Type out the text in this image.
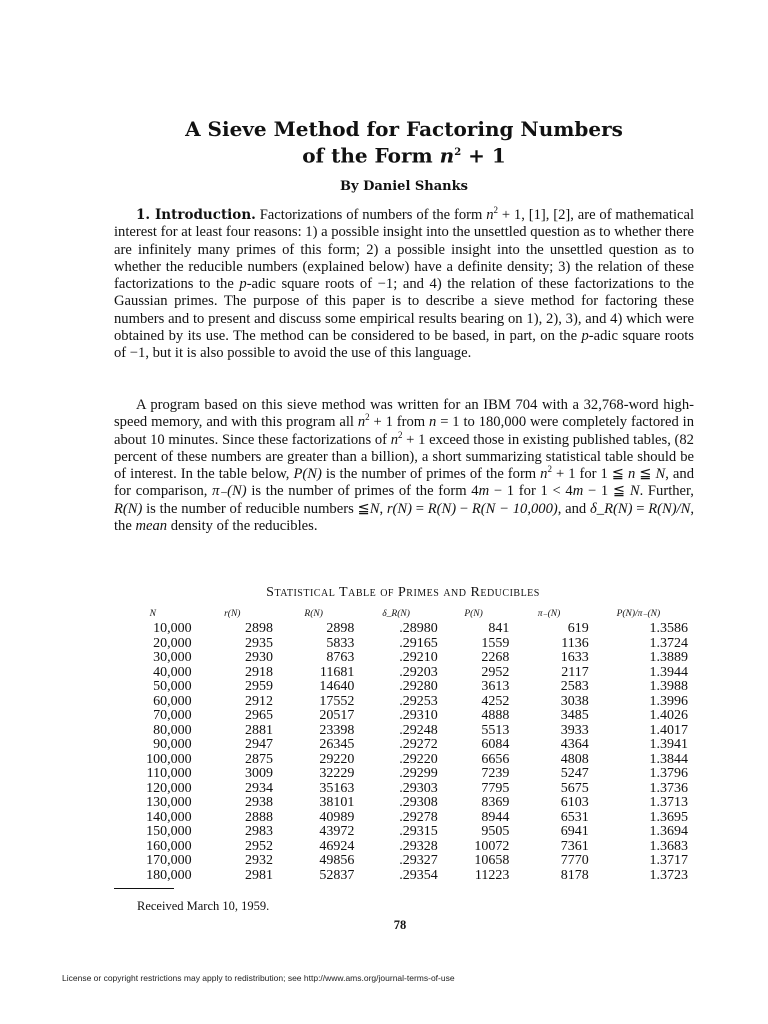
A Sieve Method for Factoring Numbers
of the Form $n^2 + 1$
By Daniel Shanks

1. Introduction. Factorizations of numbers of the form $n^2 + 1$, [1], [2], are of mathematical interest for at least four reasons: 1) a possible insight into the unsettled question as to whether there are infinitely many primes of this form; 2) a possible insight into the unsettled question as to whether the reducible numbers (explained below) have a definite density; 3) the relation of these factorizations to the p-adic square roots of −1; and 4) the relation of these factorizations to the Gaussian primes. The purpose of this paper is to describe a sieve method for factoring these numbers and to present and discuss some empirical results bearing on 1), 2), 3), and 4) which were obtained by its use. The method can be considered to be based, in part, on the p-adic square roots of −1, but it is also possible to avoid the use of this language.

A program based on this sieve method was written for an IBM 704 with a 32,768-word high-speed memory, and with this program all $n^2 + 1$ from n = 1 to 180,000 were completely factored in about 10 minutes. Since these factorizations of $n^2 + 1$ exceed those in existing published tables, (82 percent of these numbers are greater than a billion), a short summarizing statistical table should be of interest. In the table below, P(N) is the number of primes of the form $n^2 + 1$ for 1 ≦ n ≦ N, and for comparison, π₋(N) is the number of primes of the form 4m − 1 for 1 < 4m − 1 ≦ N. Further, R(N) is the number of reducible numbers ≦N, r(N) = R(N) − R(N − 10,000), and δ_R(N) = R(N)/N, the mean density of the reducibles.

Statistical Table of Primes and Reducibles
N	r(N)	R(N)	δ_R(N)	P(N)	π₋(N)	P(N)/π₋(N)
10,000	2898	2898	.28980	841	619	1.3586
20,000	2935	5833	.29165	1559	1136	1.3724
30,000	2930	8763	.29210	2268	1633	1.3889
40,000	2918	11681	.29203	2952	2117	1.3944
50,000	2959	14640	.29280	3613	2583	1.3988
60,000	2912	17552	.29253	4252	3038	1.3996
70,000	2965	20517	.29310	4888	3485	1.4026
80,000	2881	23398	.29248	5513	3933	1.4017
90,000	2947	26345	.29272	6084	4364	1.3941
100,000	2875	29220	.29220	6656	4808	1.3844
110,000	3009	32229	.29299	7239	5247	1.3796
120,000	2934	35163	.29303	7795	5675	1.3736
130,000	2938	38101	.29308	8369	6103	1.3713
140,000	2888	40989	.29278	8944	6531	1.3695
150,000	2983	43972	.29315	9505	6941	1.3694
160,000	2952	46924	.29328	10072	7361	1.3683
170,000	2932	49856	.29327	10658	7770	1.3717
180,000	2981	52837	.29354	11223	8178	1.3723
Received March 10, 1959.
78
License or copyright restrictions may apply to redistribution; see http://www.ams.org/journal-terms-of-use
